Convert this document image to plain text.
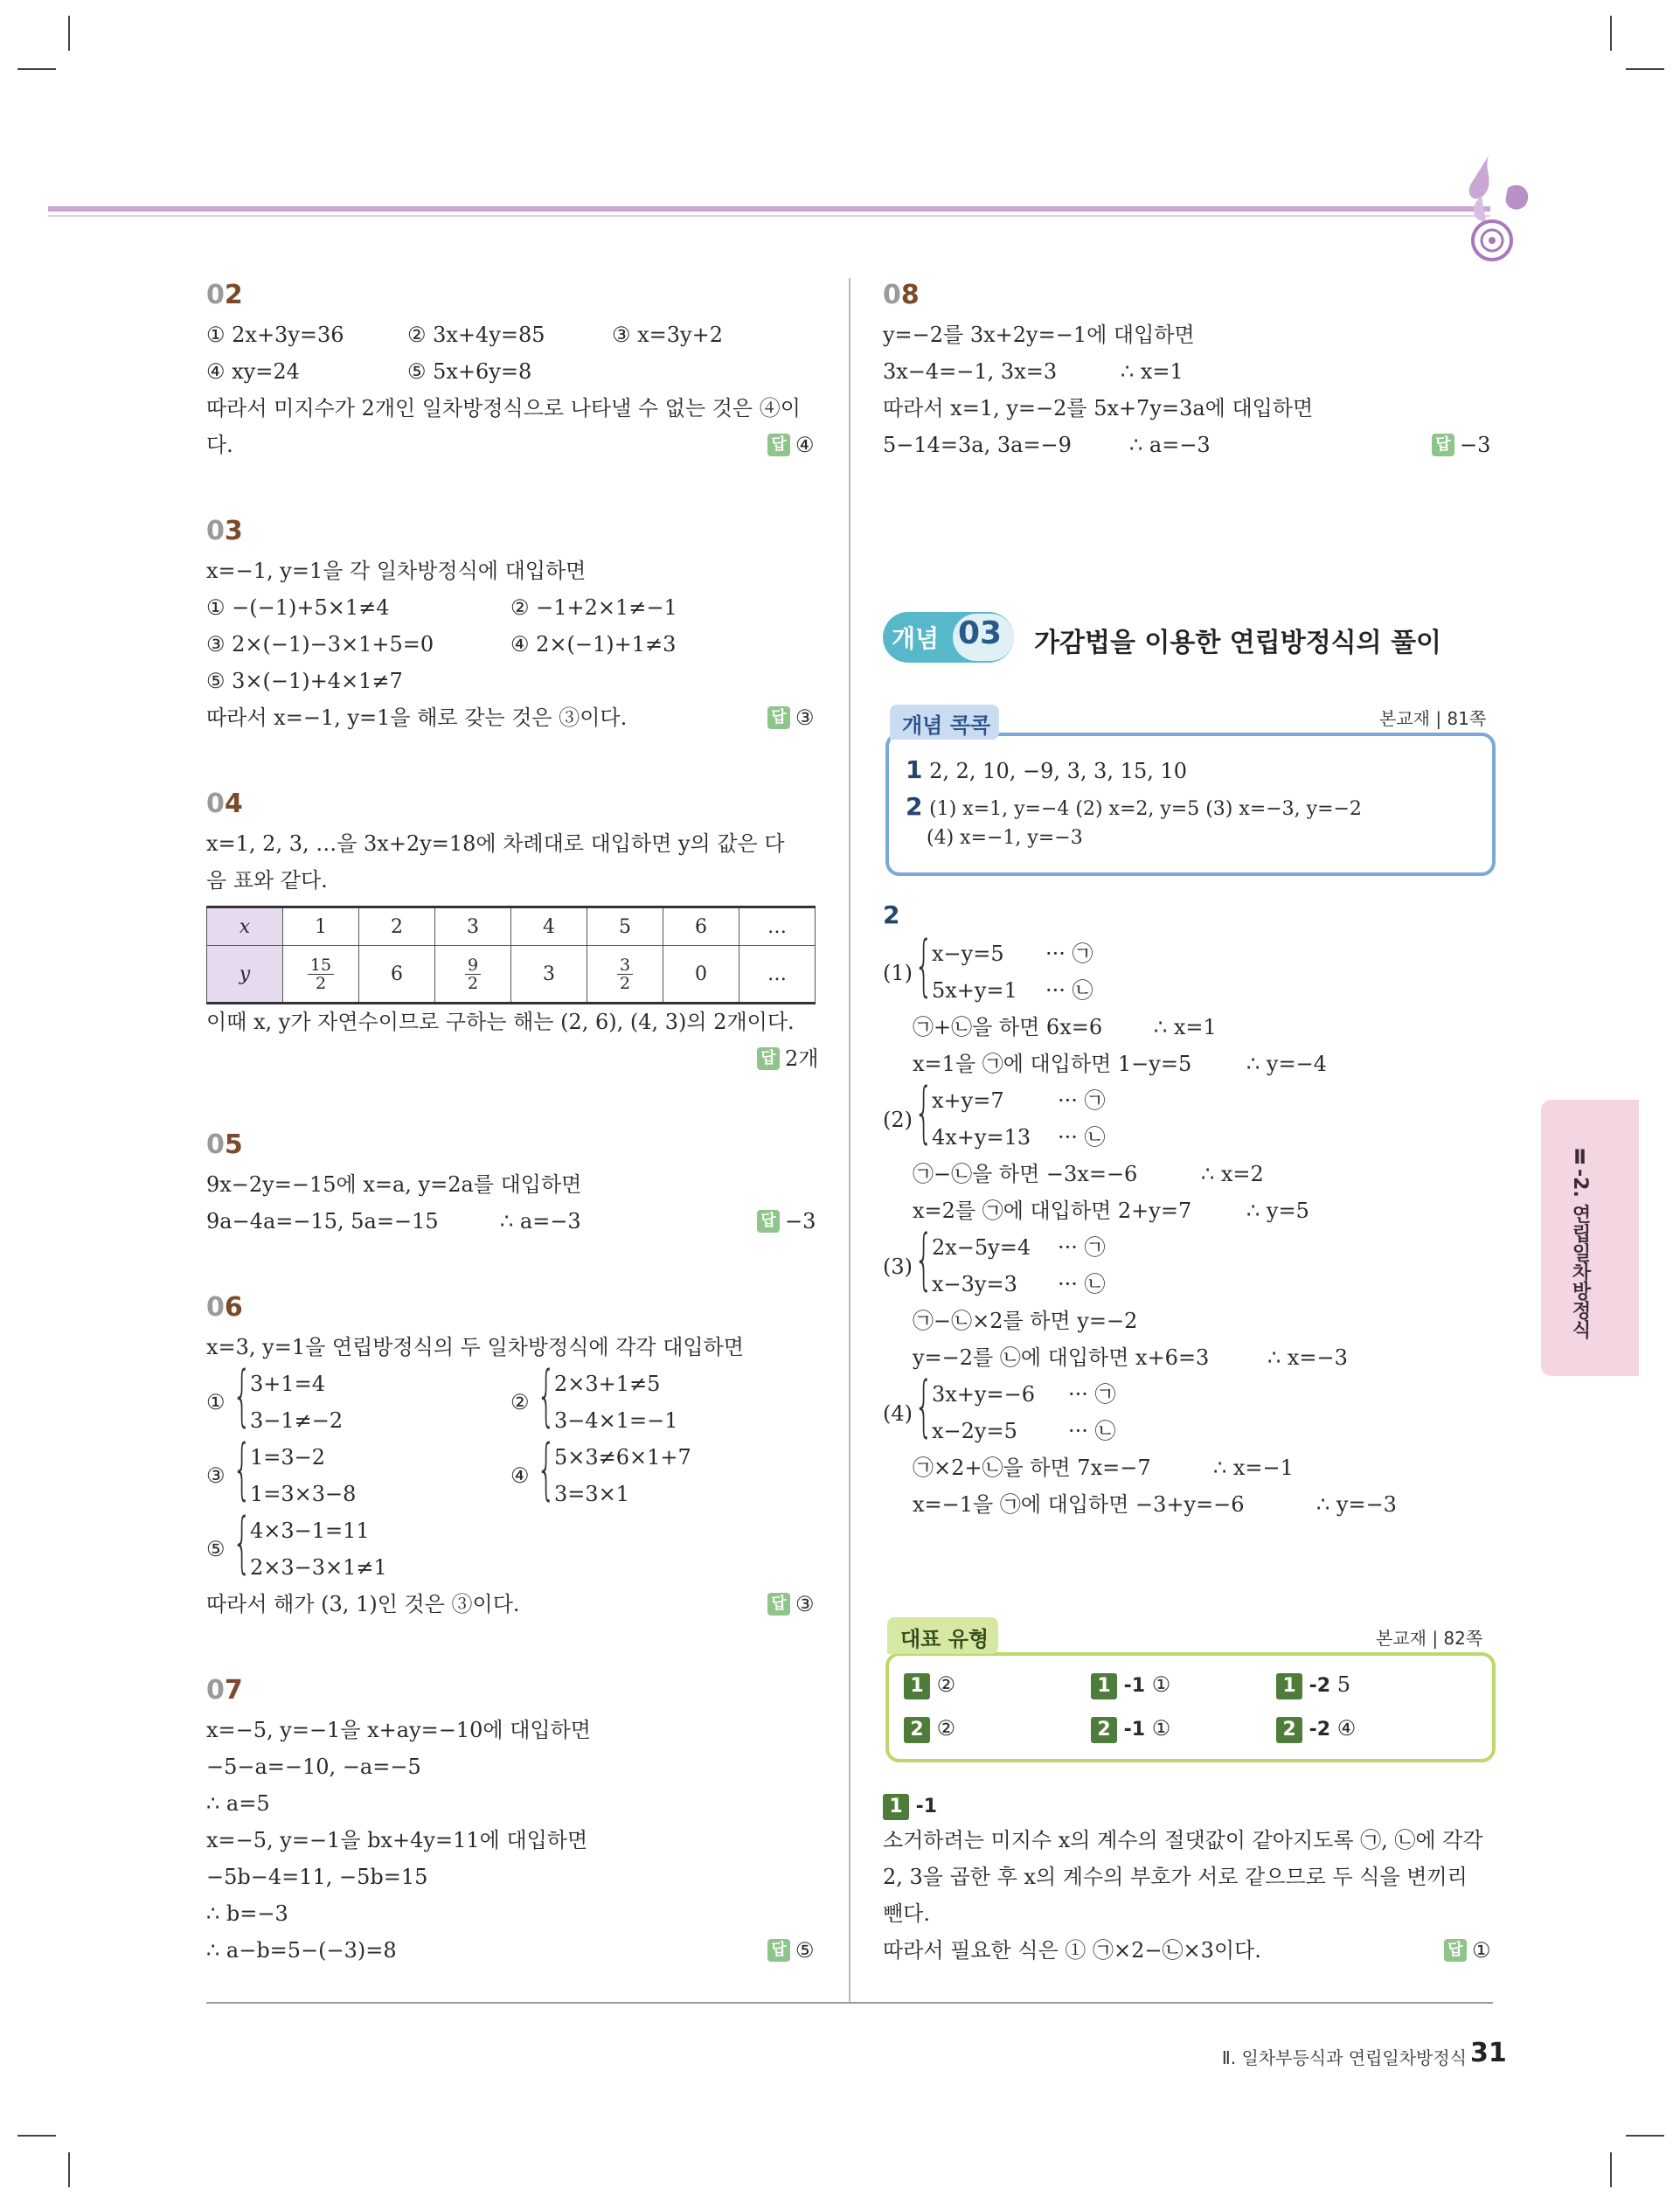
02
① 2x+3y=36	② 3x+4y=85	③ x=3y+2
④ xy=24	⑤ 5x+6y=8
따라서 미지수가 2개인 일차방정식으로 나타낼 수 없는 것은 ④이
다.	답 ④
03
x=−1, y=1을 각 일차방정식에 대입하면
① −(−1)+5×1≠4	② −1+2×1≠−1
③ 2×(−1)−3×1+5=0	④ 2×(−1)+1≠3
⑤ 3×(−1)+4×1≠7
따라서 x=−1, y=1을 해로 갖는 것은 ③이다.	답 ③
04
x=1, 2, 3, …을 3x+2y=18에 차례대로 대입하면 y의 값은 다
음 표와 같다.
x	1	2	3	4	5	6	…
y	$\frac{15}{2}$	6	$\frac{9}{2}$	3	$\frac{3}{2}$	0	…
이때 x, y가 자연수이므로 구하는 해는 (2, 6), (4, 3)의 2개이다.
답 2개
05
9x−2y=−15에 x=a, y=2a를 대입하면
9a−4a=−15, 5a=−15	∴ a=−3	답 −3
06
x=3, y=1을 연립방정식의 두 일차방정식에 각각 대입하면
① {
3+1=4
3−1≠−2
② {
2×3+1≠5
3−4×1=−1
③ {
1=3−2
1=3×3−8
④ {
5×3≠6×1+7
3=3×1
⑤ {
4×3−1=11
2×3−3×1≠1
따라서 해가 (3, 1)인 것은 ③이다.	답 ③
07
x=−5, y=−1을 x+ay=−10에 대입하면
−5−a=−10, −a=−5
∴ a=5
x=−5, y=−1을 bx+4y=11에 대입하면
−5b−4=11, −5b=15
∴ b=−3
∴ a−b=5−(−3)=8	답 ⑤
08
y=−2를 3x+2y=−1에 대입하면
3x−4=−1, 3x=3	∴ x=1
따라서 x=1, y=−2를 5x+7y=3a에 대입하면
5−14=3a, 3a=−9	∴ a=−3	답 −3
개념 03 가감법을 이용한 연립방정식의 풀이
개념 콕콕	본교재 | 81쪽
1 2, 2, 10, −9, 3, 3, 15, 10
2 (1) x=1, y=−4 (2) x=2, y=5 (3) x=−3, y=−2
(4) x=−1, y=−3
2
(1) {
x−y=5 ··· ㉠
5x+y=1 ··· ㉡
㉠+㉡을 하면 6x=6 ∴ x=1
x=1을 ㉠에 대입하면 1−y=5	∴ y=−4
(2) {
x+y=7	··· ㉠
4x+y=13 ··· ㉡
㉠−㉡을 하면 −3x=−6	∴ x=2
x=2를 ㉠에 대입하면 2+y=7	∴ y=5
(3) {
2x−5y=4 ··· ㉠
x−3y=3 ··· ㉡
㉠−㉡×2를 하면 y=−2
y=−2를 ㉡에 대입하면 x+6=3	∴ x=−3
(4) {
3x+y=−6 ··· ㉠
x−2y=5 ··· ㉡
㉠×2+㉡을 하면 7x=−7	∴ x=−1
x=−1을 ㉠에 대입하면 −3+y=−6	∴ y=−3
대표 유형	본교재 | 82쪽
1 ②	1 -1 ①	1 -2 5
2 ②	2 -1 ①	2 -2 ④
1 -1
소거하려는 미지수 x의 계수의 절댓값이 같아지도록 ㉠, ㉡에 각각
2, 3을 곱한 후 x의 계수의 부호가 서로 같으므로 두 식을 변끼리
뺀다.
따라서 필요한 식은 ① ㉠×2−㉡×3이다.	답 ①
Ⅱ-2. 연립일차방정식
Ⅱ. 일차부등식과 연립일차방정식 31
